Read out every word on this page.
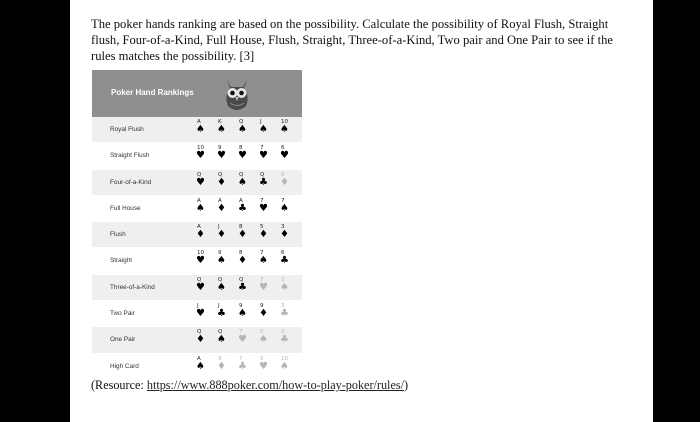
The poker hands ranking are based on the possibility. Calculate the possibility of Royal Flush, Straight flush, Four-of-a-Kind, Full House, Flush, Straight, Three-of-a-Kind, Two pair and One Pair to see if the rules matches the possibility. [3]

Poker Hand Rankings
Royal Flush
A
♠
K
♠
Q
♠
J
♠
10
♠
Straight Flush
10
♥
9
♥
8
♥
7
♥
6
♥
Four-of-a-Kind
Q
♥
Q
♦
Q
♠
Q
♣
5
♦
Full House
A
♠
A
♦
A
♣
7
♥
7
♠
Flush
A
♦
J
♦
8
♦
5
♦
3
♦
Straight
10
♥
9
♠
8
♦
7
♠
6
♣
Three-of-a-Kind
Q
♥
Q
♠
Q
♣
7
♥
3
♠
Two Pair
J
♥
J
♣
9
♠
9
♦
3
♣
One Pair
Q
♦
Q
♠
7
♥
5
♠
2
♣
High Card
A
♠
9
♦
7
♣
5
♥
10
♠
(Resource: https://www.888poker.com/how-to-play-poker/rules/)
